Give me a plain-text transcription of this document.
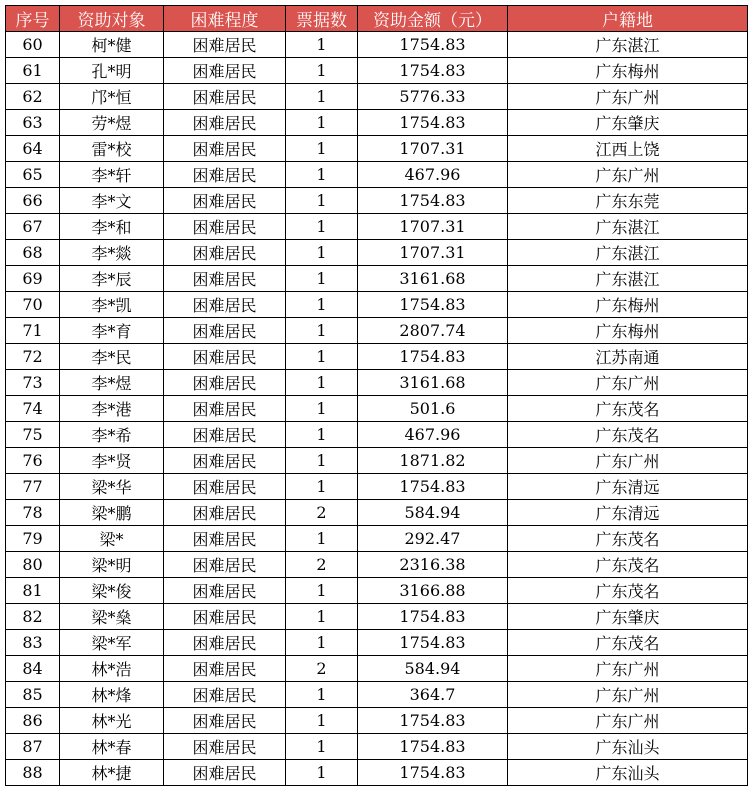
序号	资助对象	困难程度	票据数	资助金额（元）	户籍地
60	柯*健	困难居民	1	1754.83	广东湛江
61	孔*明	困难居民	1	1754.83	广东梅州
62	邝*恒	困难居民	1	5776.33	广东广州
63	劳*煜	困难居民	1	1754.83	广东肇庆
64	雷*校	困难居民	1	1707.31	江西上饶
65	李*轩	困难居民	1	467.96	广东广州
66	李*文	困难居民	1	1754.83	广东东莞
67	李*和	困难居民	1	1707.31	广东湛江
68	李*燚	困难居民	1	1707.31	广东湛江
69	李*辰	困难居民	1	3161.68	广东湛江
70	李*凯	困难居民	1	1754.83	广东梅州
71	李*育	困难居民	1	2807.74	广东梅州
72	李*民	困难居民	1	1754.83	江苏南通
73	李*煜	困难居民	1	3161.68	广东广州
74	李*港	困难居民	1	501.6	广东茂名
75	李*希	困难居民	1	467.96	广东茂名
76	李*贤	困难居民	1	1871.82	广东广州
77	梁*华	困难居民	1	1754.83	广东清远
78	梁*鹏	困难居民	2	584.94	广东清远
79	梁*	困难居民	1	292.47	广东茂名
80	梁*明	困难居民	2	2316.38	广东茂名
81	梁*俊	困难居民	1	3166.88	广东茂名
82	梁*燊	困难居民	1	1754.83	广东肇庆
83	梁*军	困难居民	1	1754.83	广东茂名
84	林*浩	困难居民	2	584.94	广东广州
85	林*烽	困难居民	1	364.7	广东广州
86	林*光	困难居民	1	1754.83	广东广州
87	林*春	困难居民	1	1754.83	广东汕头
88	林*捷	困难居民	1	1754.83	广东汕头
